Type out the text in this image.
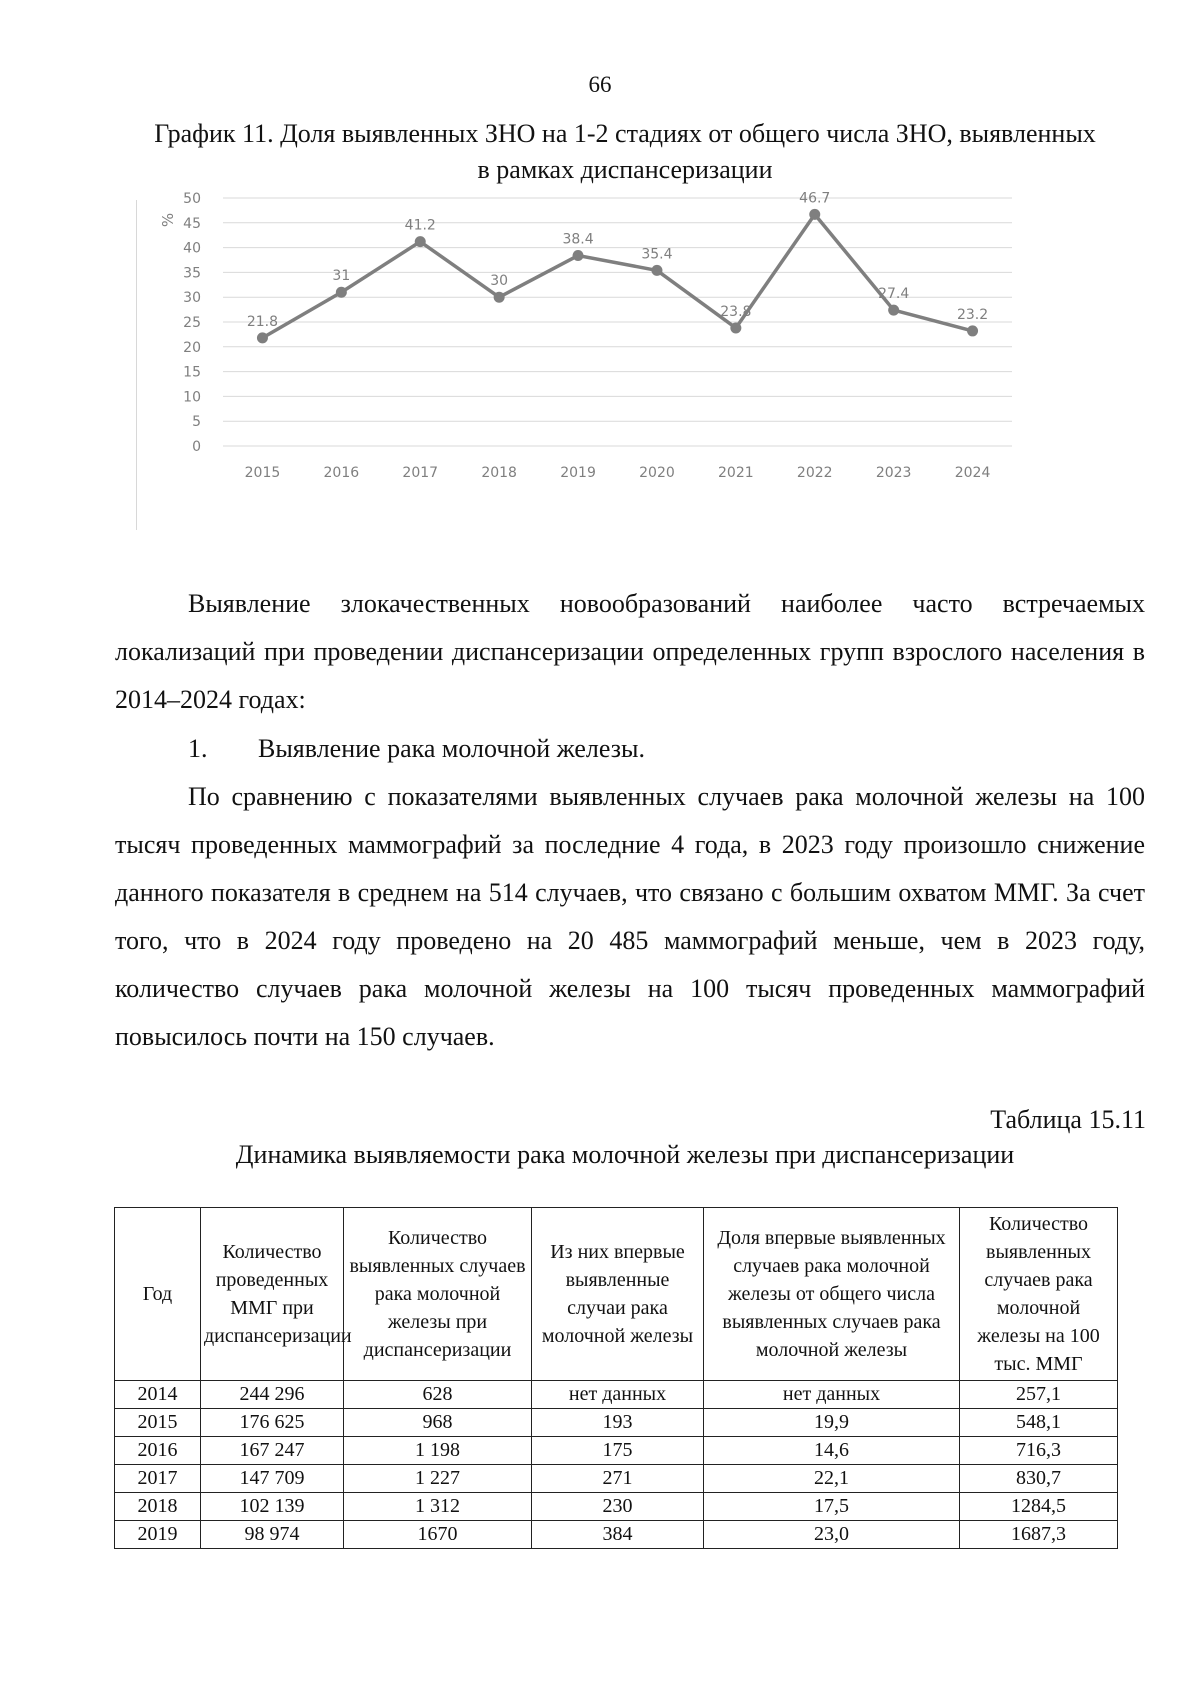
66
График 11. Доля выявленных ЗНО на 1-2 стадиях от общего числа ЗНО, выявленных
в рамках диспансеризации
0
5
10
15
20
25
30
35
40
45
50
%
2015	2016	2017	2018	2019	2020	2021	2022	2023	2024
21.8
31
41.2
30
38.4
35.4
23.8
46.7
27.4
23.2

Выявление злокачественных новообразований наиболее часто встречаемых локализаций при проведении диспансеризации определенных групп взрослого населения в 2014–2024 годах:

1. Выявление рака молочной железы.

По сравнению с показателями выявленных случаев рака молочной железы на 100 тысяч проведенных маммографий за последние 4 года, в 2023 году произошло снижение данного показателя в среднем на 514 случаев, что связано с большим охватом ММГ. За счет того, что в 2024 году проведено на 20 485 маммографий меньше, чем в 2023 году, количество случаев рака молочной железы на 100 тысяч проведенных маммографий повысилось почти на 150 случаев.

Таблица 15.11
Динамика выявляемости рака молочной железы при диспансеризации
Год	Количество проведенных ММГ при диспансеризации	Количество выявленных случаев рака молочной железы при диспансеризации	Из них впервые выявленные случаи рака молочной железы	Доля впервые выявленных случаев рака молочной железы от общего числа выявленных случаев рака молочной железы	Количество выявленных случаев рака молочной железы на 100 тыс. ММГ
2014	244 296	628	нет данных	нет данных	257,1
2015	176 625	968	193	19,9	548,1
2016	167 247	1 198	175	14,6	716,3
2017	147 709	1 227	271	22,1	830,7
2018	102 139	1 312	230	17,5	1284,5
2019	98 974	1670	384	23,0	1687,3
